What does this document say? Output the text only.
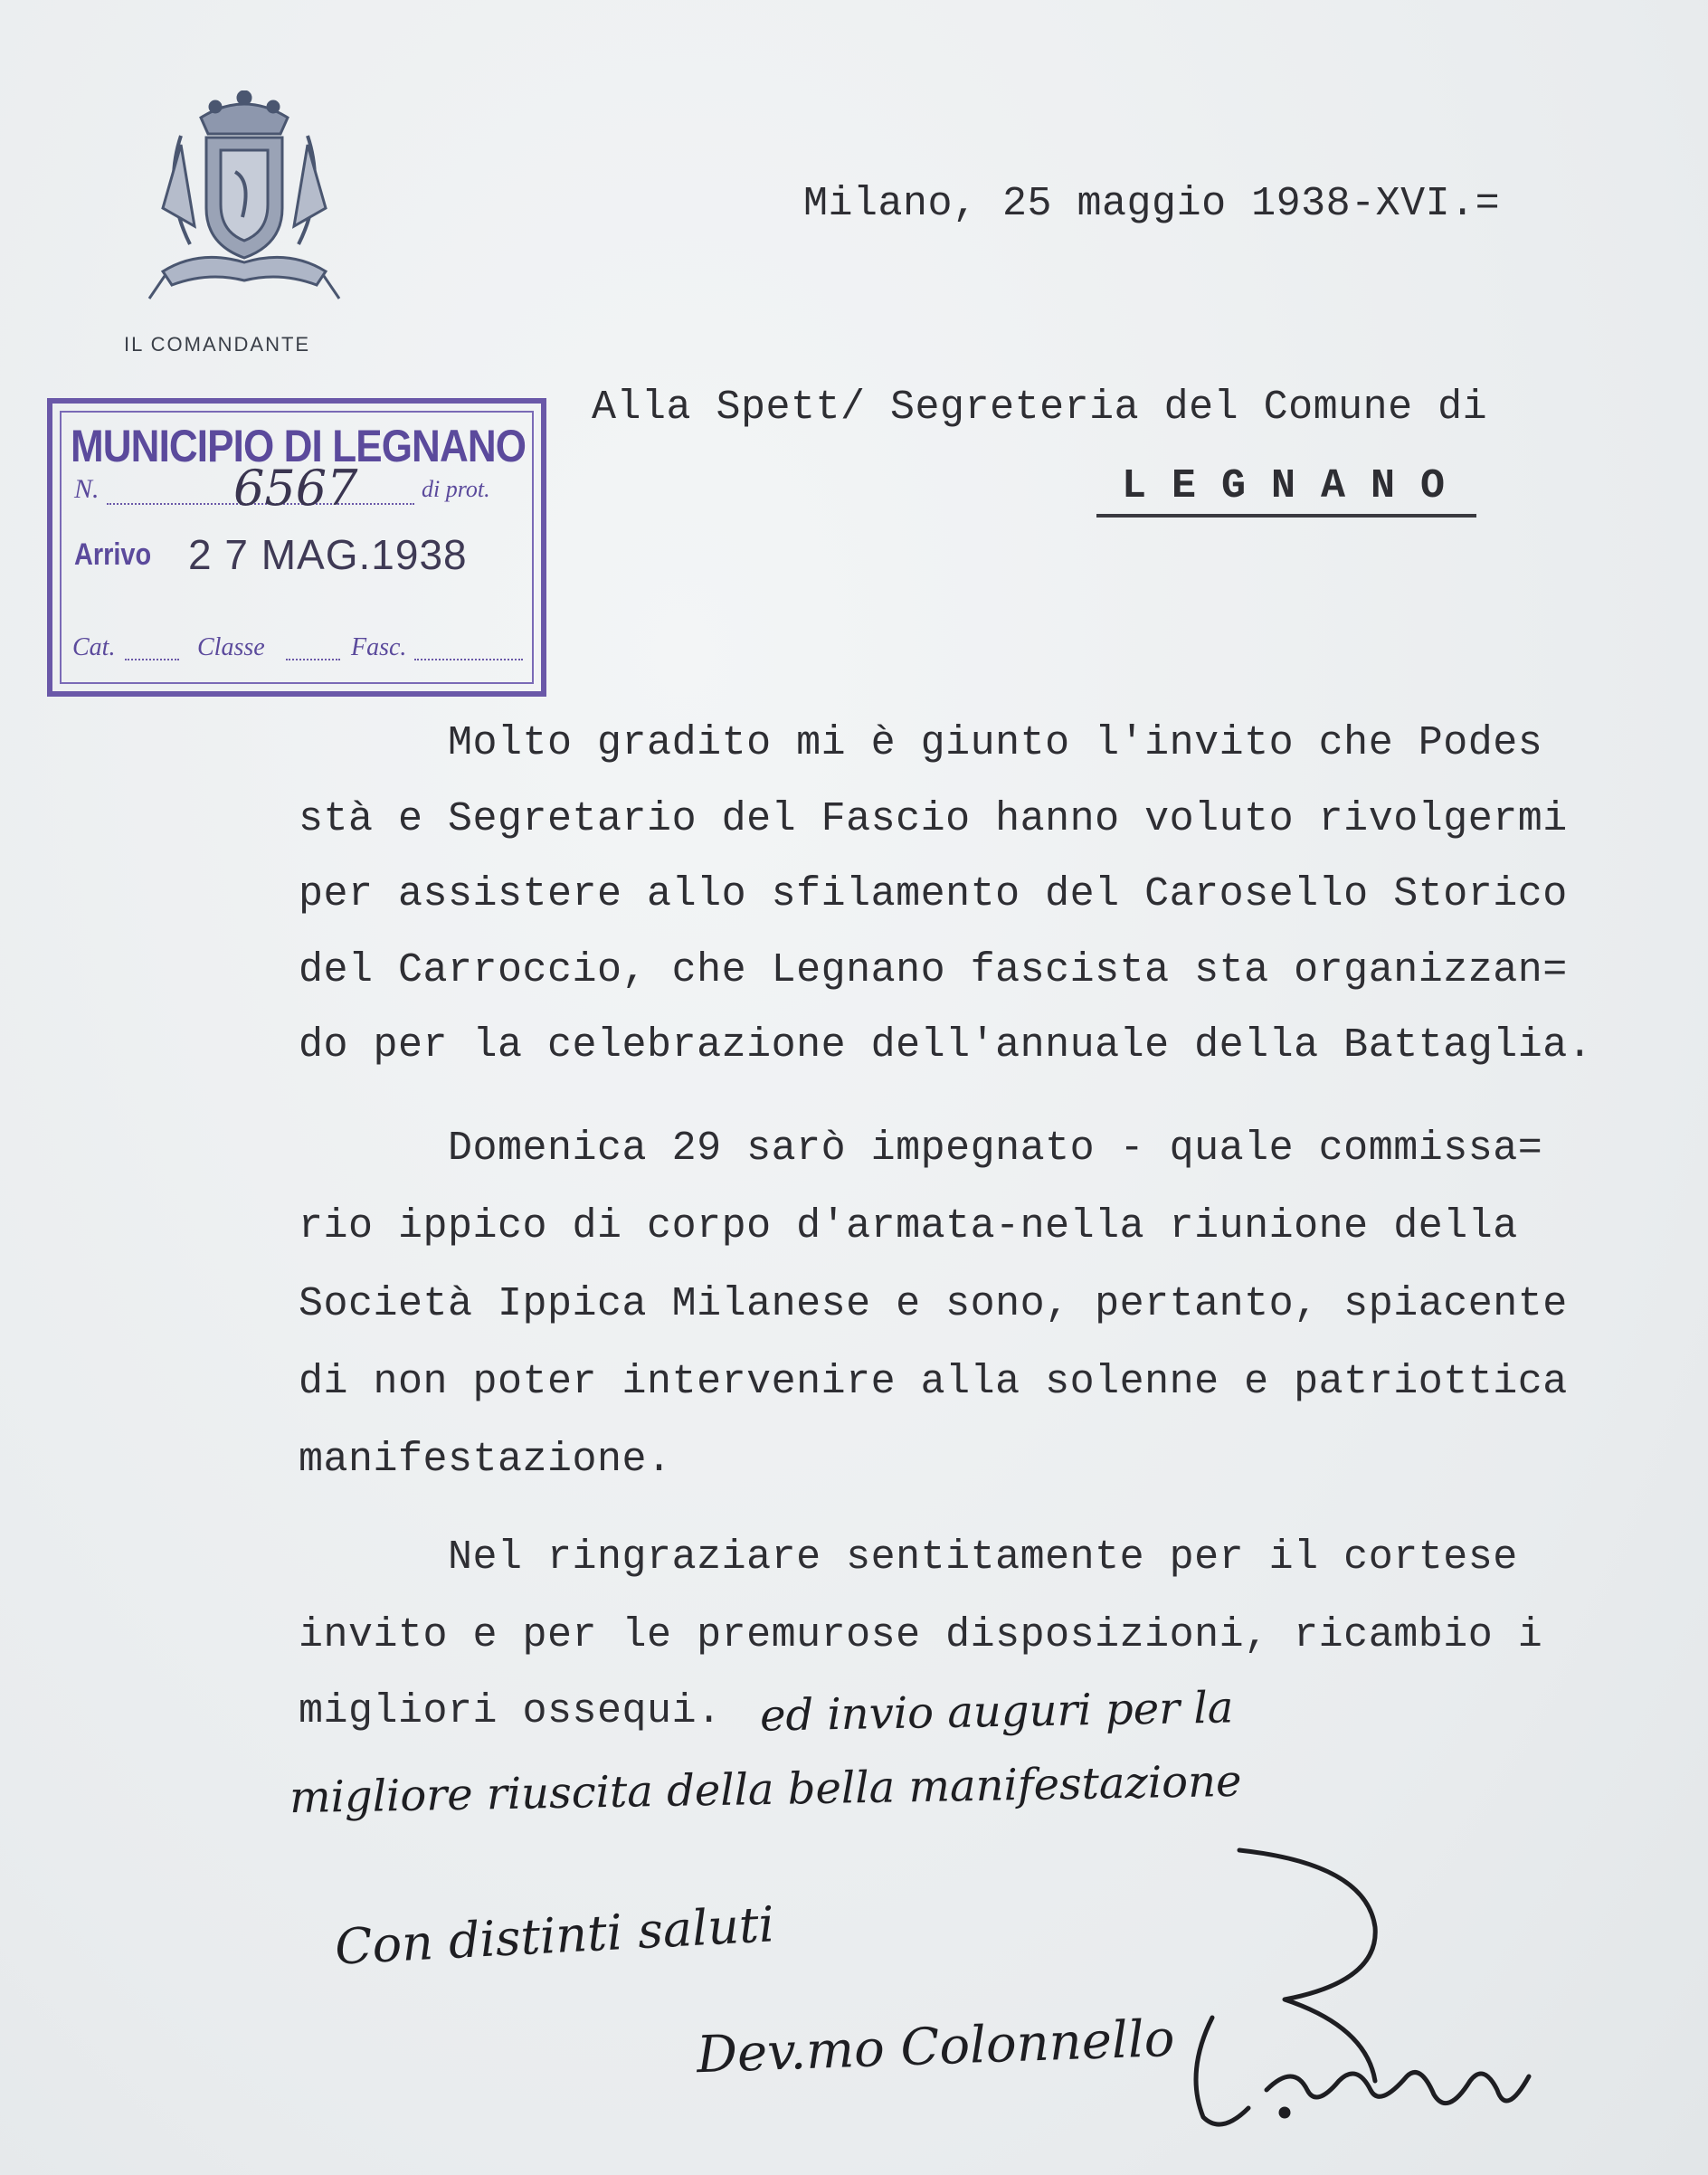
IL COMANDANTE
Milano, 25 maggio 1938-XVI.=
MUNICIPIO DI LEGNANO
N.	6567	di prot.
Arrivo 2 7 MAG.1938
Cat.	Classe	Fasc.
Alla Spett/ Segreteria del Comune di
L E G N A N O
Molto gradito mi è giunto l'invito che Podes
stà e Segretario del Fascio hanno voluto rivolgermi
per assistere allo sfilamento del Carosello Storico
del Carroccio, che Legnano fascista sta organizzan=
do per la celebrazione dell'annuale della Battaglia.
Domenica 29 sarò impegnato - quale commissa=
rio ippico di corpo d'armata-nella riunione della
Società Ippica Milanese e sono, pertanto, spiacente
di non poter intervenire alla solenne e patriottica
manifestazione.
Nel ringraziare sentitamente per il cortese
invito e per le premurose disposizioni, ricambio i
migliori ossequi. ed invio auguri per la
migliore riuscita della bella manifestazione
Con distinti saluti
Dev.mo Colonnello
